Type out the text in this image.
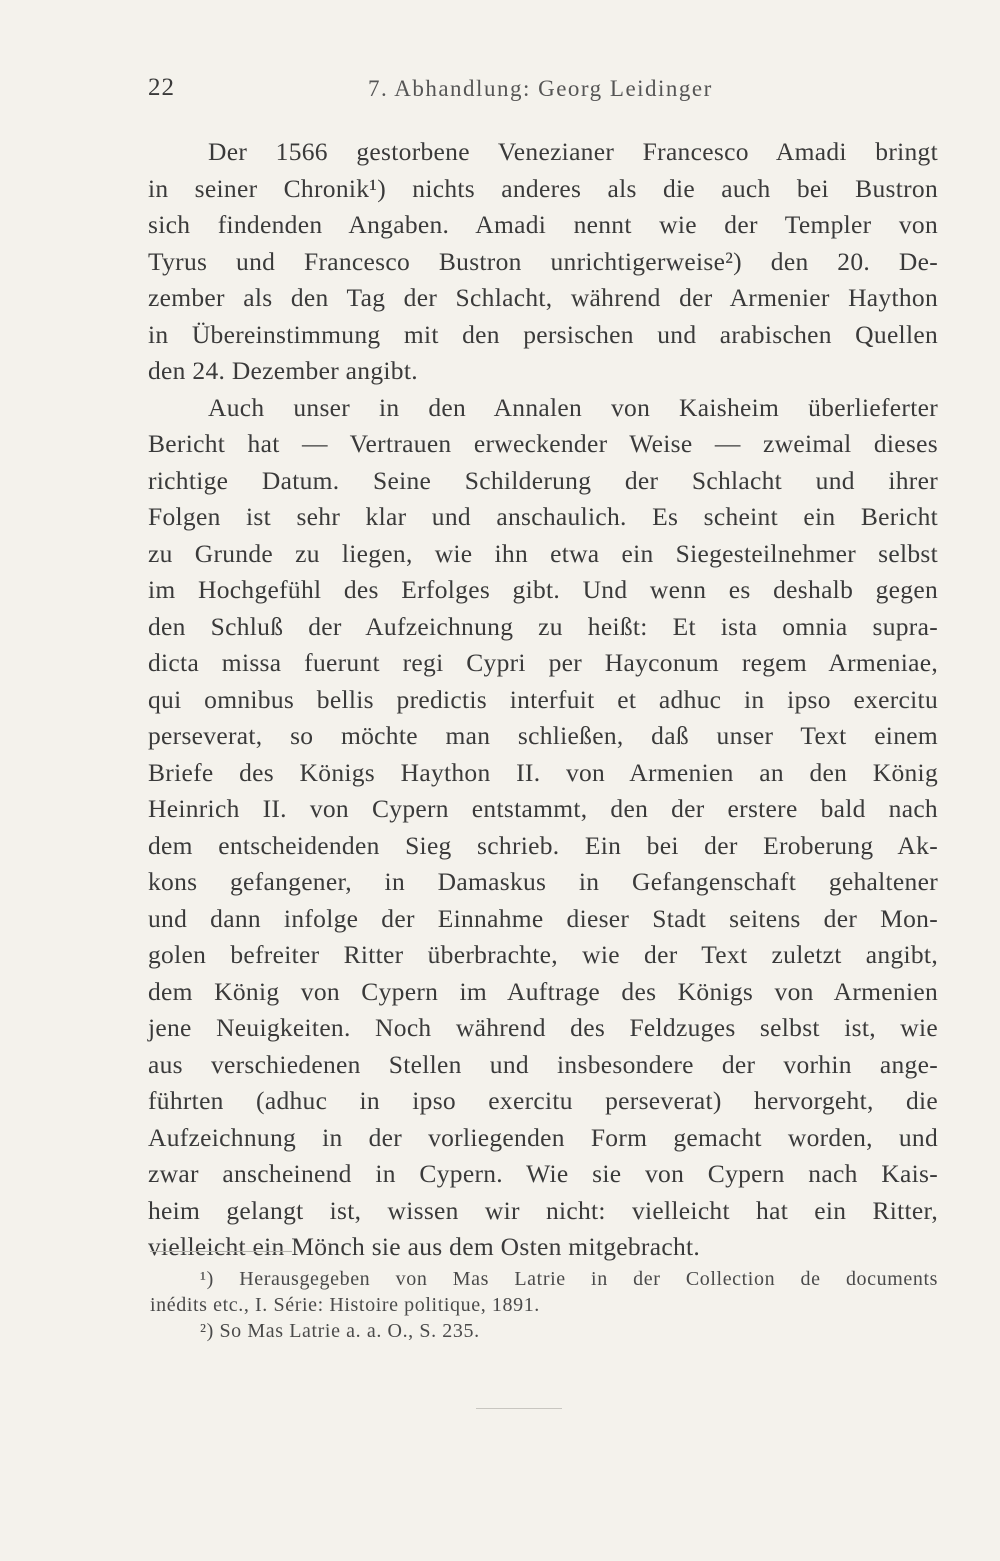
22	7. Abhandlung: Georg Leidinger
Der 1566 gestorbene Venezianer Francesco Amadi bringt
in seiner Chronik¹) nichts anderes als die auch bei Bustron
sich findenden Angaben. Amadi nennt wie der Templer von
Tyrus und Francesco Bustron unrichtigerweise²) den 20. De-
zember als den Tag der Schlacht, während der Armenier Haython
in Übereinstimmung mit den persischen und arabischen Quellen
den 24. Dezember angibt.
Auch unser in den Annalen von Kaisheim überlieferter
Bericht hat — Vertrauen erweckender Weise — zweimal dieses
richtige Datum. Seine Schilderung der Schlacht und ihrer
Folgen ist sehr klar und anschaulich. Es scheint ein Bericht
zu Grunde zu liegen, wie ihn etwa ein Siegesteilnehmer selbst
im Hochgefühl des Erfolges gibt. Und wenn es deshalb gegen
den Schluß der Aufzeichnung zu heißt: Et ista omnia supra-
dicta missa fuerunt regi Cypri per Hayconum regem Armeniae,
qui omnibus bellis predictis interfuit et adhuc in ipso exercitu
perseverat, so möchte man schließen, daß unser Text einem
Briefe des Königs Haython II. von Armenien an den König
Heinrich II. von Cypern entstammt, den der erstere bald nach
dem entscheidenden Sieg schrieb. Ein bei der Eroberung Ak-
kons gefangener, in Damaskus in Gefangenschaft gehaltener
und dann infolge der Einnahme dieser Stadt seitens der Mon-
golen befreiter Ritter überbrachte, wie der Text zuletzt angibt,
dem König von Cypern im Auftrage des Königs von Armenien
jene Neuigkeiten. Noch während des Feldzuges selbst ist, wie
aus verschiedenen Stellen und insbesondere der vorhin ange-
führten (adhuc in ipso exercitu perseverat) hervorgeht, die
Aufzeichnung in der vorliegenden Form gemacht worden, und
zwar anscheinend in Cypern. Wie sie von Cypern nach Kais-
heim gelangt ist, wissen wir nicht: vielleicht hat ein Ritter,
vielleicht ein Mönch sie aus dem Osten mitgebracht.
¹) Herausgegeben von Mas Latrie in der Collection de documents
inédits etc., I. Série: Histoire politique, 1891.
²) So Mas Latrie a. a. O., S. 235.
